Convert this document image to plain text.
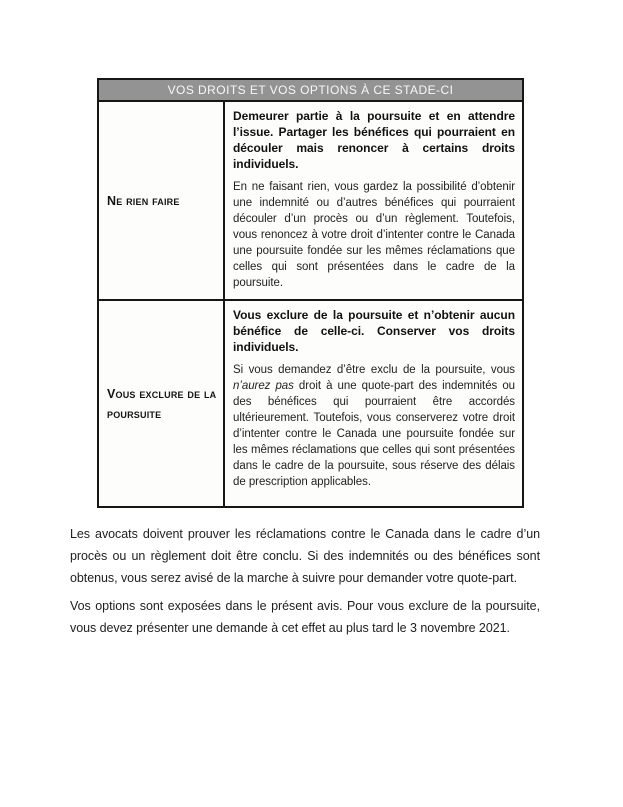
VOS DROITS ET VOS OPTIONS À CE STADE-CI
Ne rien faire

Demeurer partie à la poursuite et en attendre l’issue. Partager les bénéfices qui pourraient en découler mais renoncer à certains droits individuels.

En ne faisant rien, vous gardez la possibilité d’obtenir une indemnité ou d’autres bénéfices qui pourraient découler d’un procès ou d’un règlement. Toutefois, vous renoncez à votre droit d’intenter contre le Canada une poursuite fondée sur les mêmes réclamations que celles qui sont présentées dans le cadre de la poursuite.

Vous exclure de la poursuite

Vous exclure de la poursuite et n’obtenir aucun bénéfice de celle-ci. Conserver vos droits individuels.

Si vous demandez d’être exclu de la poursuite, vous n’aurez pas droit à une quote-part des indemnités ou des bénéfices qui pourraient être accordés ultérieurement. Toutefois, vous conserverez votre droit d’intenter contre le Canada une poursuite fondée sur les mêmes réclamations que celles qui sont présentées dans le cadre de la poursuite, sous réserve des délais de prescription applicables.

Les avocats doivent prouver les réclamations contre le Canada dans le cadre d’un procès ou un règlement doit être conclu. Si des indemnités ou des bénéfices sont obtenus, vous serez avisé de la marche à suivre pour demander votre quote-part.

Vos options sont exposées dans le présent avis. Pour vous exclure de la poursuite, vous devez présenter une demande à cet effet au plus tard le 3 novembre 2021.
